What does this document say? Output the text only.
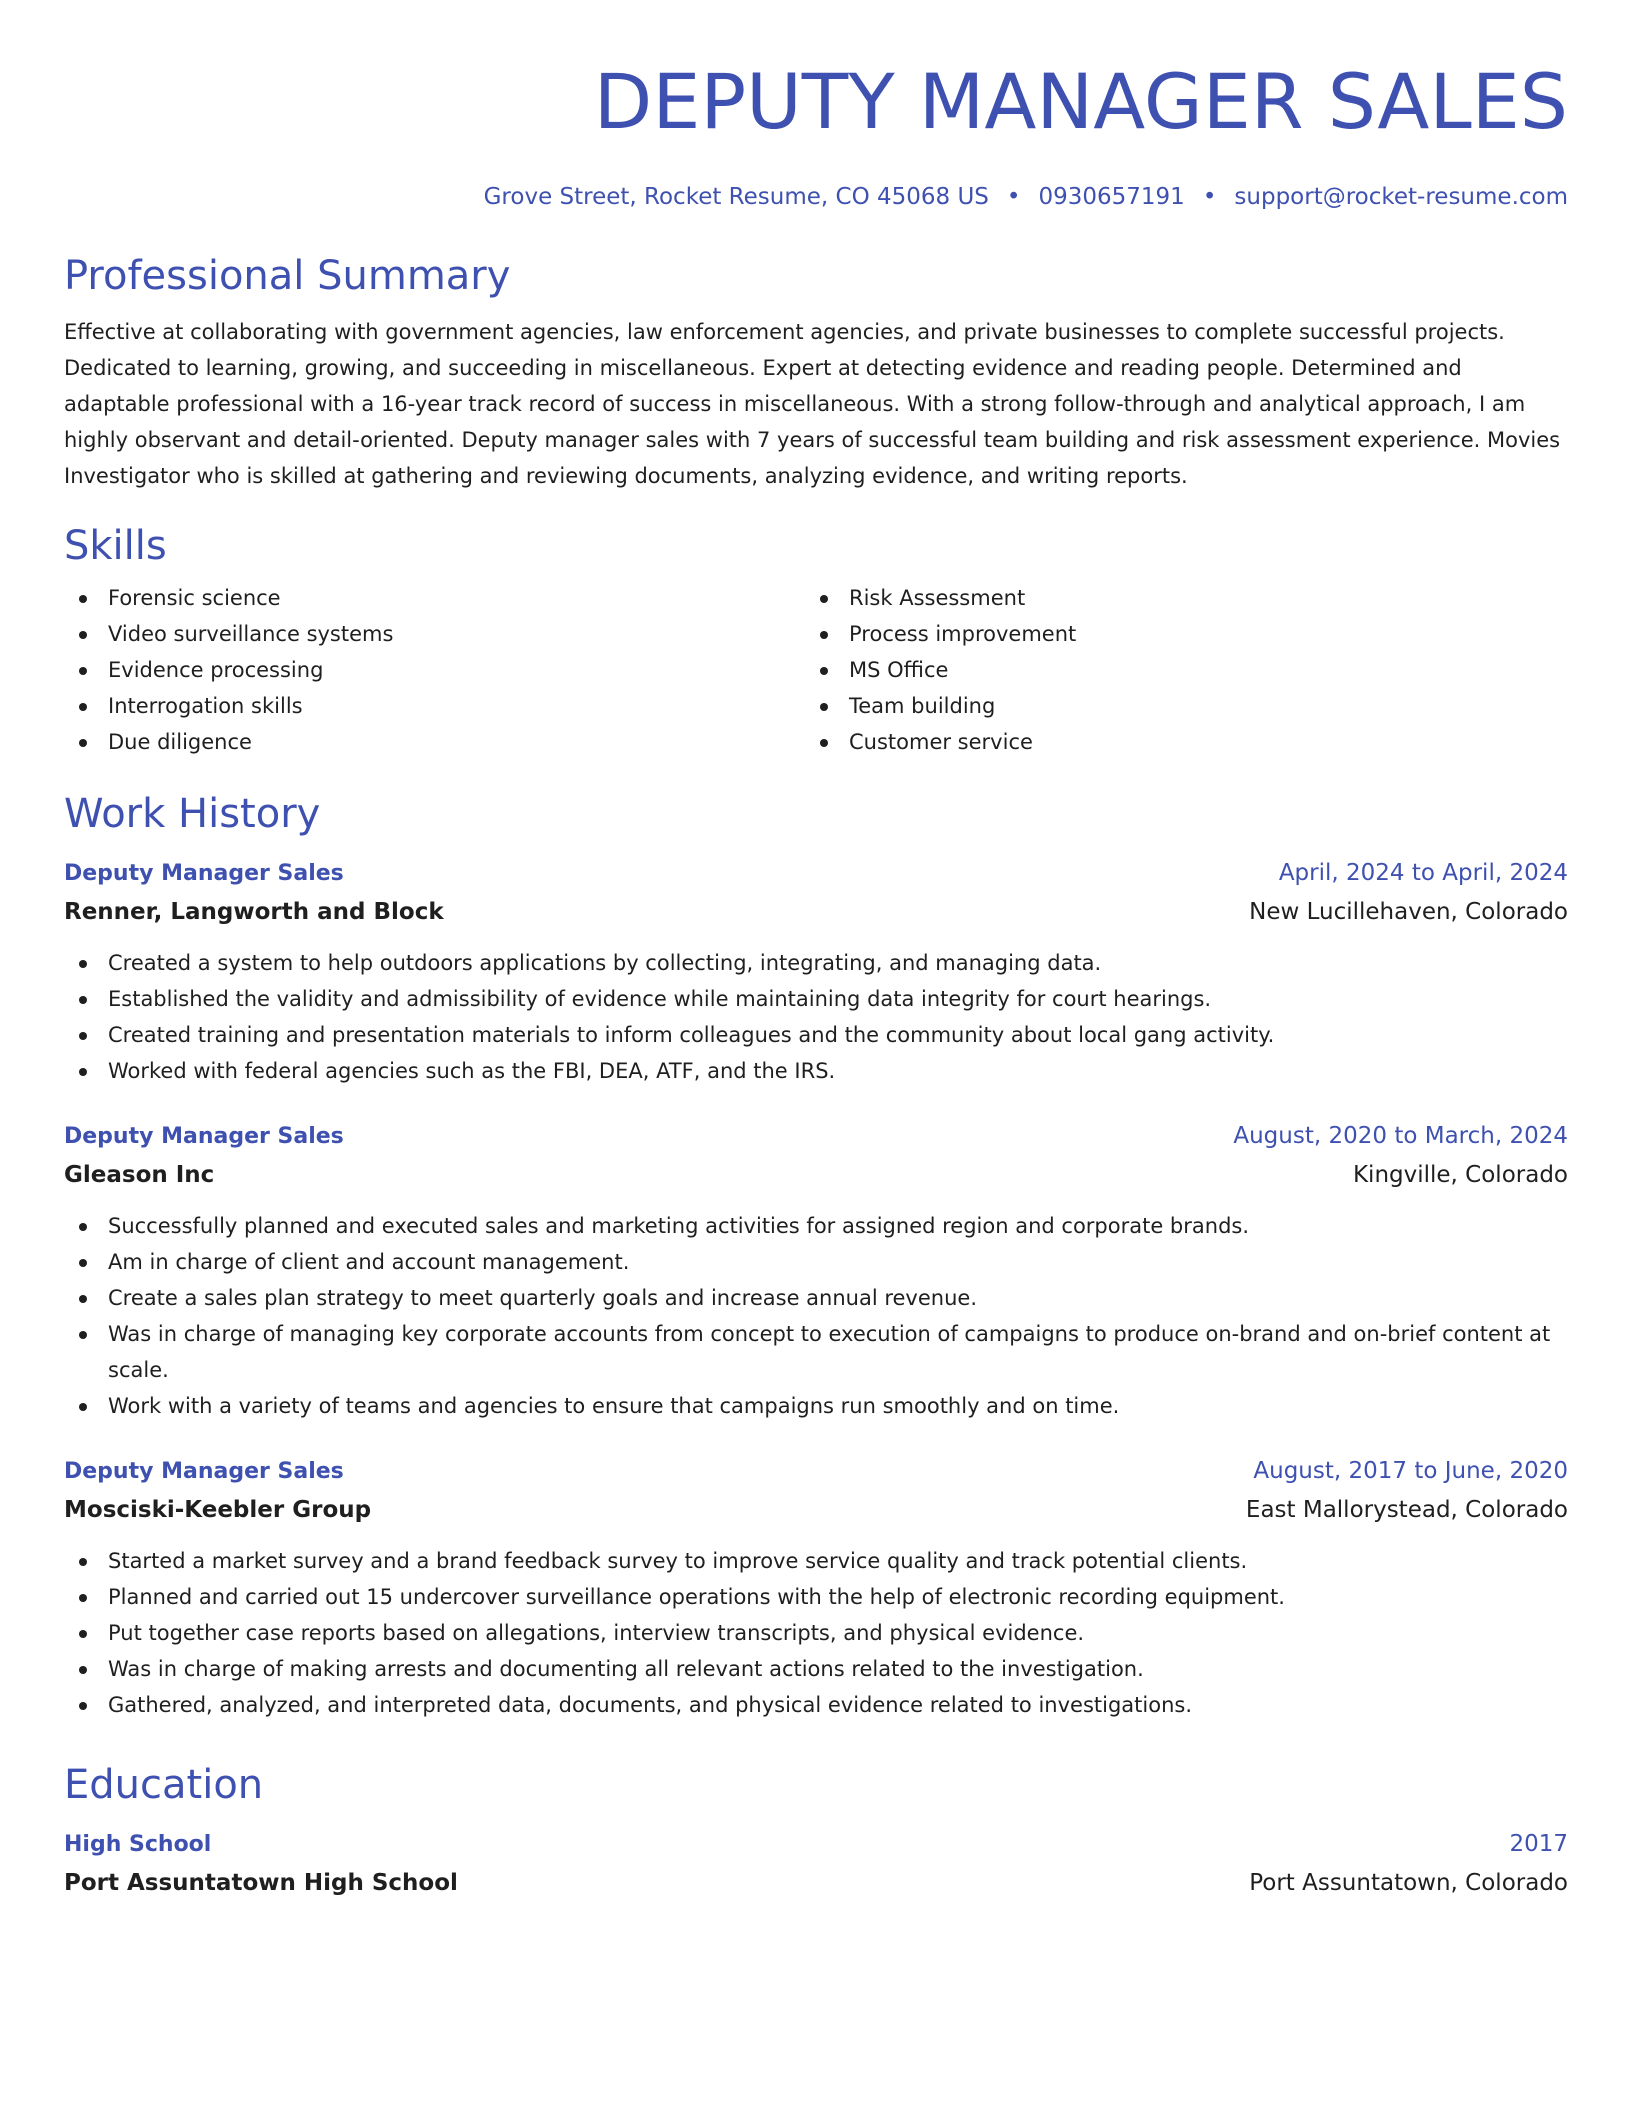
DEPUTY MANAGER SALES
Grove Street, Rocket Resume, CO 45068 US • 0930657191 • support@rocket-resume.com
Professional Summary
Effective at collaborating with government agencies, law enforcement agencies, and private businesses to complete successful projects. Dedicated to learning, growing, and succeeding in miscellaneous. Expert at detecting evidence and reading people. Determined and adaptable professional with a 16-year track record of success in miscellaneous. With a strong follow-through and analytical approach, I am highly observant and detail-oriented. Deputy manager sales with 7 years of successful team building and risk assessment experience. Movies Investigator who is skilled at gathering and reviewing documents, analyzing evidence, and writing reports.
Skills
Forensic science
Video surveillance systems
Evidence processing
Interrogation skills
Due diligence
Risk Assessment
Process improvement
MS Office
Team building
Customer service
Work History
Deputy Manager Sales	April, 2024 to April, 2024
Renner, Langworth and Block	New Lucillehaven, Colorado
Created a system to help outdoors applications by collecting, integrating, and managing data.
Established the validity and admissibility of evidence while maintaining data integrity for court hearings.
Created training and presentation materials to inform colleagues and the community about local gang activity.
Worked with federal agencies such as the FBI, DEA, ATF, and the IRS.
Deputy Manager Sales	August, 2020 to March, 2024
Gleason Inc	Kingville, Colorado
Successfully planned and executed sales and marketing activities for assigned region and corporate brands.
Am in charge of client and account management.
Create a sales plan strategy to meet quarterly goals and increase annual revenue.
Was in charge of managing key corporate accounts from concept to execution of campaigns to produce on-brand and on-brief content at scale.
Work with a variety of teams and agencies to ensure that campaigns run smoothly and on time.
Deputy Manager Sales	August, 2017 to June, 2020
Mosciski-Keebler Group	East Mallorystead, Colorado
Started a market survey and a brand feedback survey to improve service quality and track potential clients.
Planned and carried out 15 undercover surveillance operations with the help of electronic recording equipment.
Put together case reports based on allegations, interview transcripts, and physical evidence.
Was in charge of making arrests and documenting all relevant actions related to the investigation.
Gathered, analyzed, and interpreted data, documents, and physical evidence related to investigations.
Education
High School	2017
Port Assuntatown High School	Port Assuntatown, Colorado
